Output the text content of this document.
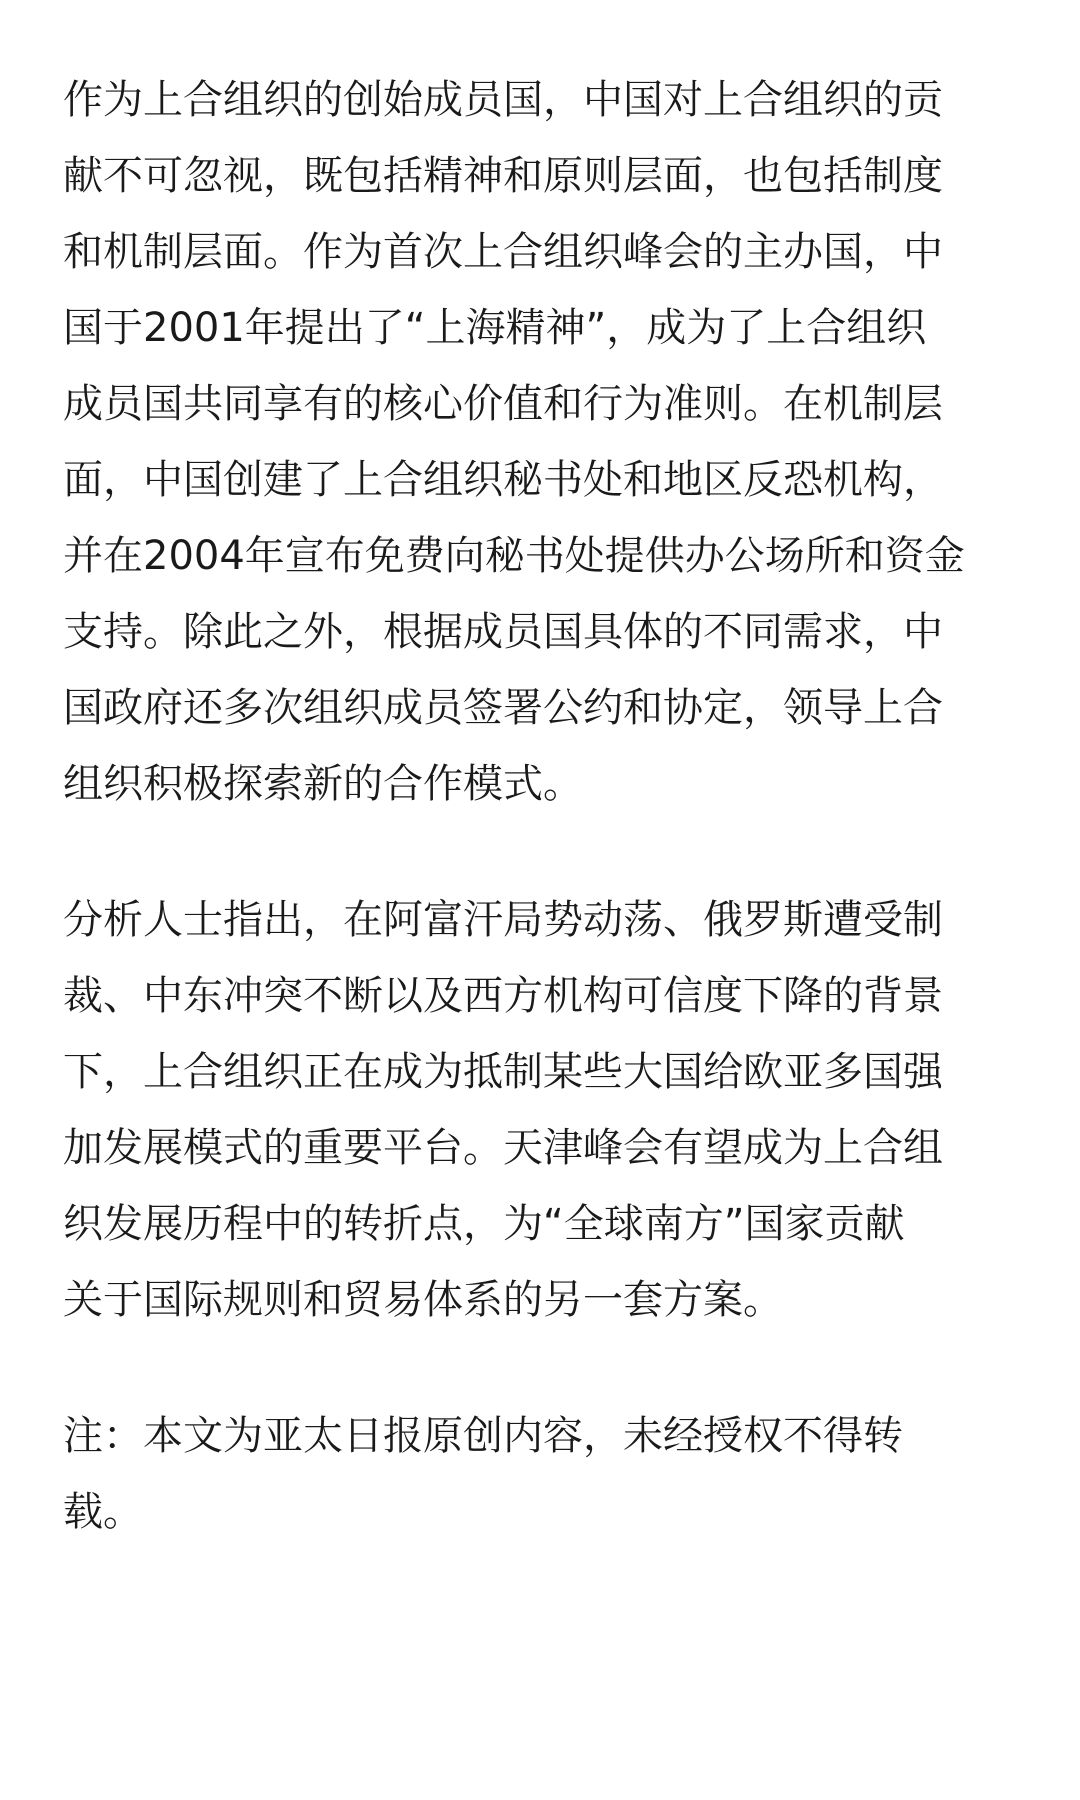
作为上合组织的创始成员国，中国对上合组织的贡
献不可忽视，既包括精神和原则层面，也包括制度
和机制层面。作为首次上合组织峰会的主办国，中
国于2001年提出了“上海精神”，成为了上合组织
成员国共同享有的核心价值和行为准则。在机制层
面，中国创建了上合组织秘书处和地区反恐机构，
并在2004年宣布免费向秘书处提供办公场所和资金
支持。除此之外，根据成员国具体的不同需求，中
国政府还多次组织成员签署公约和协定，领导上合
组织积极探索新的合作模式。
分析人士指出，在阿富汗局势动荡、俄罗斯遭受制
裁、中东冲突不断以及西方机构可信度下降的背景
下，上合组织正在成为抵制某些大国给欧亚多国强
加发展模式的重要平台。天津峰会有望成为上合组
织发展历程中的转折点，为“全球南方”国家贡献
关于国际规则和贸易体系的另一套方案。
注：本文为亚太日报原创内容，未经授权不得转
载。
